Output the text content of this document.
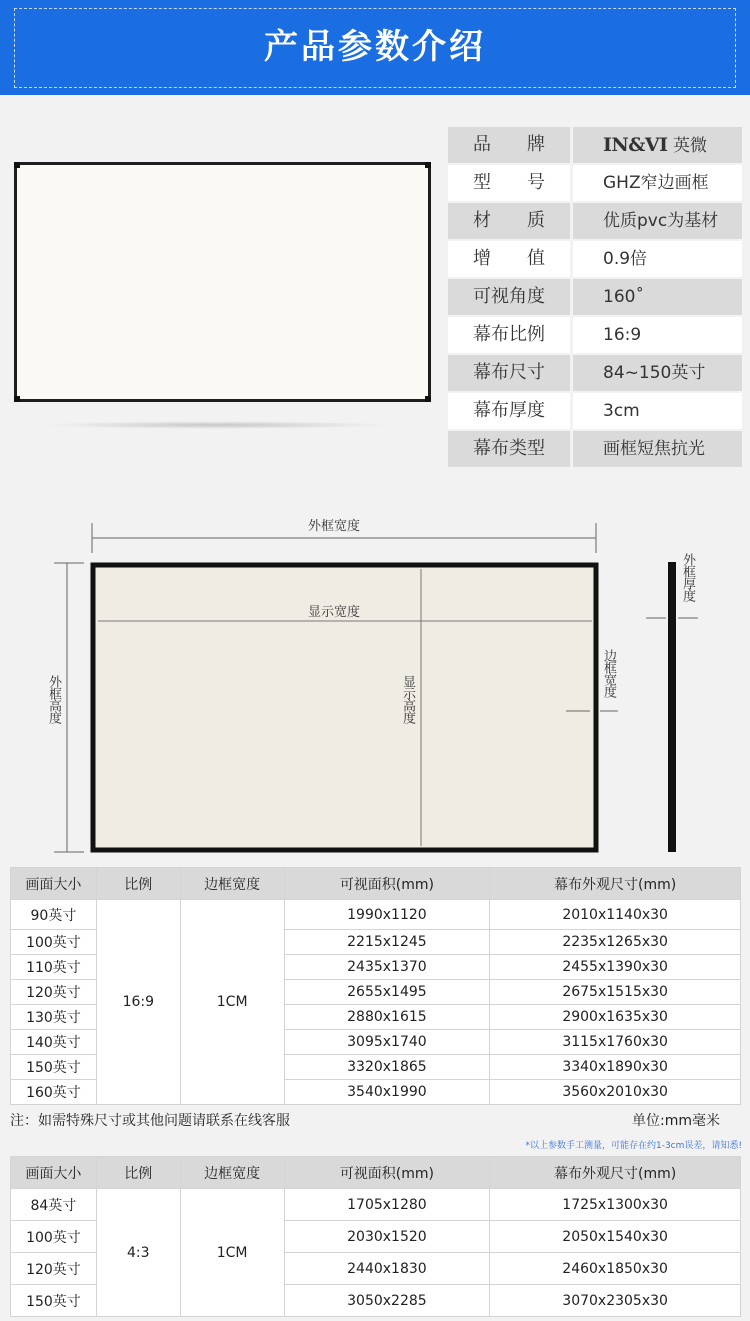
产品参数介绍
品　　牌	IN&VI 英微
型　　号	GHZ窄边画框
材　　质	优质pvc为基材
增　　值	0.9倍
可视角度	160˚
幕布比例	16:9
幕布尺寸	84~150英寸
幕布厚度	3cm
幕布类型	画框短焦抗光
外框宽度
显示宽度
外框高度	显示高度
边框宽度
外框厚度
画面大小	比例	边框宽度	可视面积(mm)	幕布外观尺寸(mm)
90英寸	16:9	1CM	1990x1120	2010x1140x30
100英寸			2215x1245	2235x1265x30
110英寸			2435x1370	2455x1390x30
120英寸			2655x1495	2675x1515x30
130英寸			2880x1615	2900x1635x30
140英寸			3095x1740	3115x1760x30
150英寸			3320x1865	3340x1890x30
160英寸			3540x1990	3560x2010x30
注：如需特殊尺寸或其他问题请联系在线客服	单位:mm毫米
*以上参数手工测量，可能存在约1-3cm误差，请知悉!
画面大小	比例	边框宽度	可视面积(mm)	幕布外观尺寸(mm)
84英寸	4:3	1CM	1705x1280	1725x1300x30
100英寸			2030x1520	2050x1540x30
120英寸			2440x1830	2460x1850x30
150英寸			3050x2285	3070x2305x30
